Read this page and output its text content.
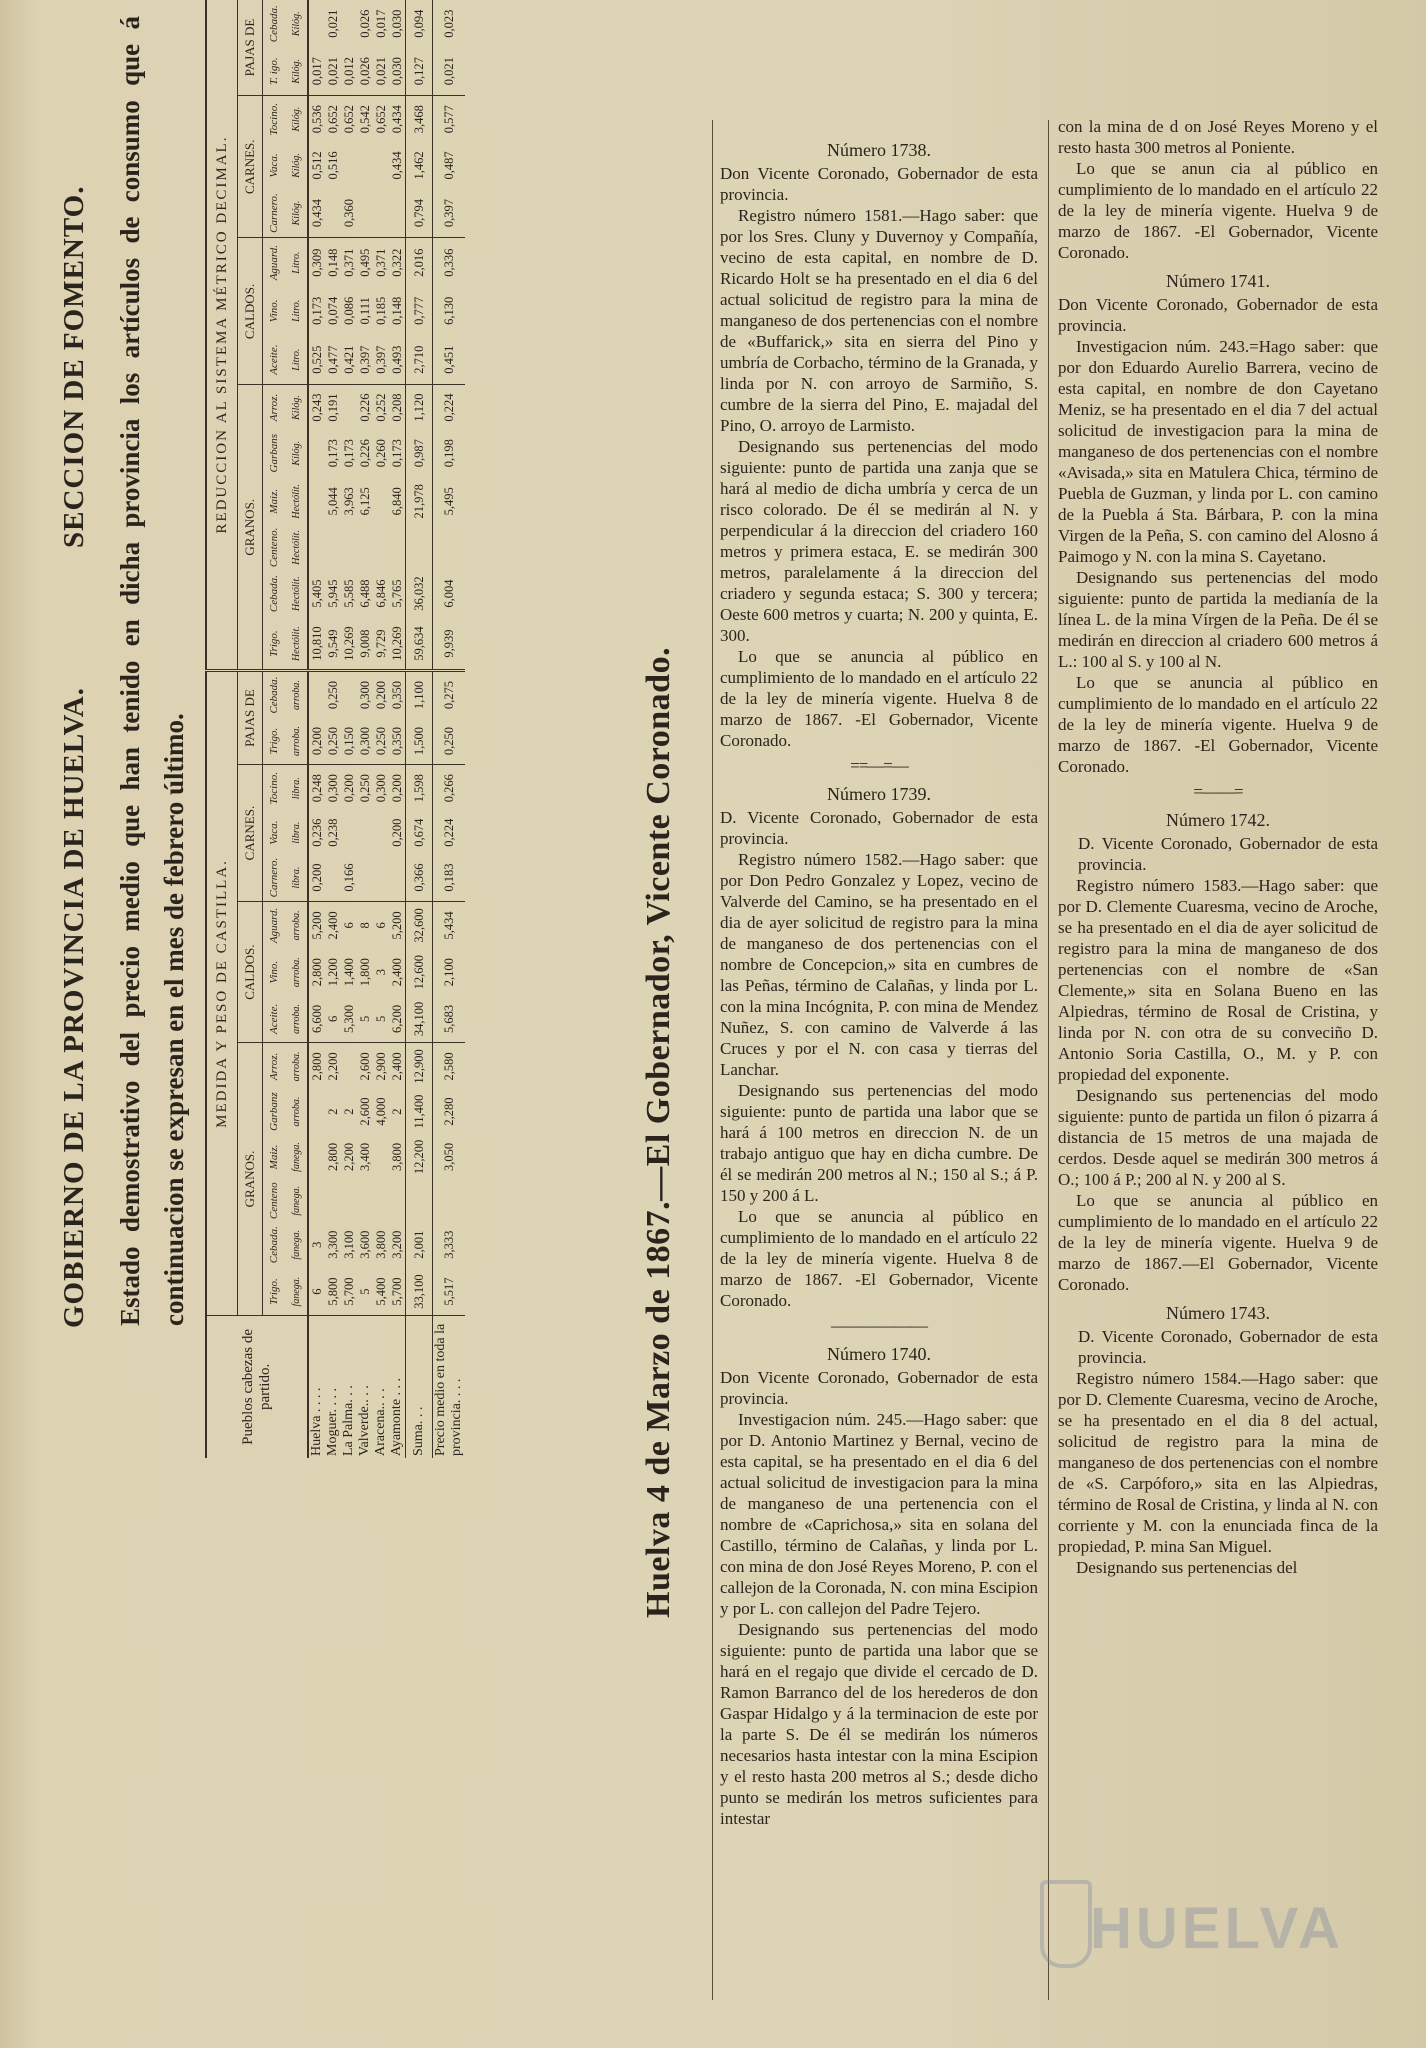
GOBIERNO DE LA PROVINCIA DE HUELVA.
SECCION DE FOMENTO. Estado demostrativo del precio medio que han tenido en dicha provincia los artículos de consumo que á continuacion se expresan en el mes de febrero último.
Pueblos cabezas de partido.	MEDIDA Y PESO DE CASTILLA.														REDUCCION AL SISTEMA MÉTRICO DECIMAL.													
	GRANOS.						CALDOS.			CARNES.			PAJAS DE		GRANOS.						CALDOS.			CARNES.			PAJAS DE	
	Trigo.	Cebada.	Centeno	Maiz.	Garbanz	Arroz.	Aceite.	Vino.	Aguard.	Carnero.	Vaca.	Tocino.	Trigo.	Cebada.	Trigo.	Cebada.	Centeno.	Maiz.	Garbans	Arroz.	Aceite.	Vino.	Aguard.	Carnero.	Vaca.	Tocino.	T. igo.	Cebada.
	fanega.	fanega.	fanega.	fanega.	arroba.	arroba.	arroba.	arroba.	arroba.	libra.	libra.	libra.	arroba.	arroba.	Hectólit.	Hectólit.	Hectólit.	Hectólit.	Kilóg.	Kilóg.	Litro.	Litro.	Litro.	Kilóg.	Kilóg.	Kilóg.	Kilóg.	Kilóg.
Huelva . . . .	6	3				2,800	6,600	2,800	5,200	0,200	0,236	0,248	0,200		10,810	5,405				0,243	0,525	0,173	0,309	0,434	0,512	0,536	0,017	
Moguer. . . .	5,800	3,300		2,800	2	2,200	6	1,200	2,400		0,238	0,300	0,250	0,250	9,549	5,945		5,044	0,173	0,191	0,477	0,074	0,148		0,516	0,652	0,021	0,021
La Palma. . .	5,700	3,100		2,200	2		5,300	1,400	6	0,166		0,200	0,150		10,269	5,585		3,963	0,173		0,421	0,086	0,371	0,360		0,652	0,012	
Valverde.. . .	5	3,600		3,400	2,600	2,600	5	1,800	8			0,250	0,300	0,300	9,008	6,488		6,125	0,226	0,226	0,397	0,111	0,495			0,542	0,026	0,026
Aracena.. . .	5,400	3,800			4,000	2,900	5	3	6			0,300	0,250	0,200	9,729	6,846			0,260	0,252	0,397	0,185	0,371			0,652	0,021	0,017
Ayamonte . . .	5,700	3,200		3,800	2	2,400	6,200	2,400	5,200		0,200	0,200	0,350	0,350	10,269	5,765		6,840	0,173	0,208	0,493	0,148	0,322		0,434	0,434	0,030	0,030
Suma. . .	33,100	2,001		12,200	11,400	12,900	34,100	12,600	32,600	0,366	0,674	1,598	1,500	1,100	59,634	36,032		21,978	0,987	1,120	2,710	0,777	2,016	0,794	1,462	3,468	0,127	0,094
Precio medio en toda la provincia. . . .	5,517	3,333		3,050	2,280	2,580	5,683	2,100	5,434	0,183	0,224	0,266	0,250	0,275	9,939	6,004		5,495	0,198	0,224	0,451	6,130	0,336	0,397	0,487	0,577	0,021	0,023
Huelva 4 de Marzo de 1867.—El Gobernador, Vicente Coronado.

Número 1738.

Don Vicente Coronado, Gobernador de esta provincia.

Registro número 1581.—Hago saber: que por los Sres. Cluny y Duvernoy y Compañía, vecino de esta capital, en nombre de D. Ricardo Holt se ha presentado en el dia 6 del actual solicitud de registro para la mina de manganeso de dos pertenencias con el nombre de «Buffarick,» sita en sierra del Pino y umbría de Corbacho, término de la Granada, y linda por N. con arroyo de Sarmiño, S. cumbre de la sierra del Pino, E. majadal del Pino, O. arroyo de Larmisto.

Designando sus pertenencias del modo siguiente: punto de partida una zanja que se hará al medio de dicha umbría y cerca de un risco colorado. De él se medirán al N. y perpendicular á la direccion del criadero 160 metros y primera estaca, E. se medirán 300 metros, paralelamente á la direccion del criadero y segunda estaca; S. 300 y tercera; Oeste 600 metros y cuarta; N. 200 y quinta, E. 300.

Lo que se anuncia al público en cumplimiento de lo mandado en el artículo 22 de la ley de minería vigente. Huelva 8 de marzo de 1867. -El Gobernador, Vicente Coronado.

==—=—

Número 1739.

D. Vicente Coronado, Gobernador de esta provincia.

Registro número 1582.—Hago saber: que por Don Pedro Gonzalez y Lopez, vecino de Valverde del Camino, se ha presentado en el dia de ayer solicitud de registro para la mina de manganeso de dos pertenencias con el nombre de Concepcion,» sita en cumbres de las Peñas, término de Calañas, y linda por L. con la mina Incógnita, P. con mina de Mendez Nuñez, S. con camino de Valverde á las Cruces y por el N. con casa y tierras del Lanchar.

Designando sus pertenencias del modo siguiente: punto de partida una labor que se hará á 100 metros en direccion N. de un trabajo antiguo que hay en dicha cumbre. De él se medirán 200 metros al N.; 150 al S.; á P. 150 y 200 á L.

Lo que se anuncia al público en cumplimiento de lo mandado en el artículo 22 de la ley de minería vigente. Huelva 8 de marzo de 1867. -El Gobernador, Vicente Coronado.

——————

Número 1740.

Don Vicente Coronado, Gobernador de esta provincia.

Investigacion núm. 245.—Hago saber: que por D. Antonio Martinez y Bernal, vecino de esta capital, se ha presentado en el dia 6 del actual solicitud de investigacion para la mina de manganeso de una pertenencia con el nombre de «Caprichosa,» sita en solana del Castillo, término de Calañas, y linda por L. con mina de don José Reyes Moreno, P. con el callejon de la Coronada, N. con mina Escipion y por L. con callejon del Padre Tejero.

Designando sus pertenencias del modo siguiente: punto de partida una labor que se hará en el regajo que divide el cercado de D. Ramon Barranco del de los herederos de don Gaspar Hidalgo y á la terminacion de este por la parte S. De él se medirán los números necesarios hasta intestar con la mina Escipion y el resto hasta 200 metros al S.; desde dicho punto se medirán los metros suficientes para intestar

con la mina de d on José Reyes Moreno y el resto hasta 300 metros al Poniente.

Lo que se anun cia al público en cumplimiento de lo mandado en el artículo 22 de la ley de minería vigente. Huelva 9 de marzo de 1867. -El Gobernador, Vicente Coronado.

Número 1741.

Don Vicente Coronado, Gobernador de esta provincia.

Investigacion núm. 243.=Hago saber: que por don Eduardo Aurelio Barrera, vecino de esta capital, en nombre de don Cayetano Meniz, se ha presentado en el dia 7 del actual solicitud de investigacion para la mina de manganeso de dos pertenencias con el nombre «Avisada,» sita en Matulera Chica, término de Puebla de Guzman, y linda por L. con camino de la Puebla á Sta. Bárbara, P. con la mina Virgen de la Peña, S. con camino del Alosno á Paimogo y N. con la mina S. Cayetano.

Designando sus pertenencias del modo siguiente: punto de partida la medianía de la línea L. de la mina Vírgen de la Peña. De él se medirán en direccion al criadero 600 metros á L.: 100 al S. y 100 al N.

Lo que se anuncia al público en cumplimiento de lo mandado en el artículo 22 de la ley de minería vigente. Huelva 9 de marzo de 1867. -El Gobernador, Vicente Coronado.

=——=

Número 1742.

D. Vicente Coronado, Gobernador de esta provincia.

Registro número 1583.—Hago saber: que por D. Clemente Cuaresma, vecino de Aroche, se ha presentado en el dia de ayer solicitud de registro para la mina de manganeso de dos pertenencias con el nombre de «San Clemente,» sita en Solana Bueno en las Alpiedras, término de Rosal de Cristina, y linda por N. con otra de su conveciño D. Antonio Soria Castilla, O., M. y P. con propiedad del exponente.

Designando sus pertenencias del modo siguiente: punto de partida un filon ó pizarra á distancia de 15 metros de una majada de cerdos. Desde aquel se medirán 300 metros á O.; 100 á P.; 200 al N. y 200 al S.

Lo que se anuncia al público en cumplimiento de lo mandado en el artículo 22 de la ley de minería vigente. Huelva 9 de marzo de 1867.—El Gobernador, Vicente Coronado.

Número 1743.

D. Vicente Coronado, Gobernador de esta provincia.

Registro número 1584.—Hago saber: que por D. Clemente Cuaresma, vecino de Aroche, se ha presentado en el dia 8 del actual, solicitud de registro para la mina de manganeso de dos pertenencias con el nombre de «S. Carpóforo,» sita en las Alpiedras, término de Rosal de Cristina, y linda al N. con corriente y M. con la enunciada finca de la propiedad, P. mina San Miguel.

Designando sus pertenencias del

HUELVA
